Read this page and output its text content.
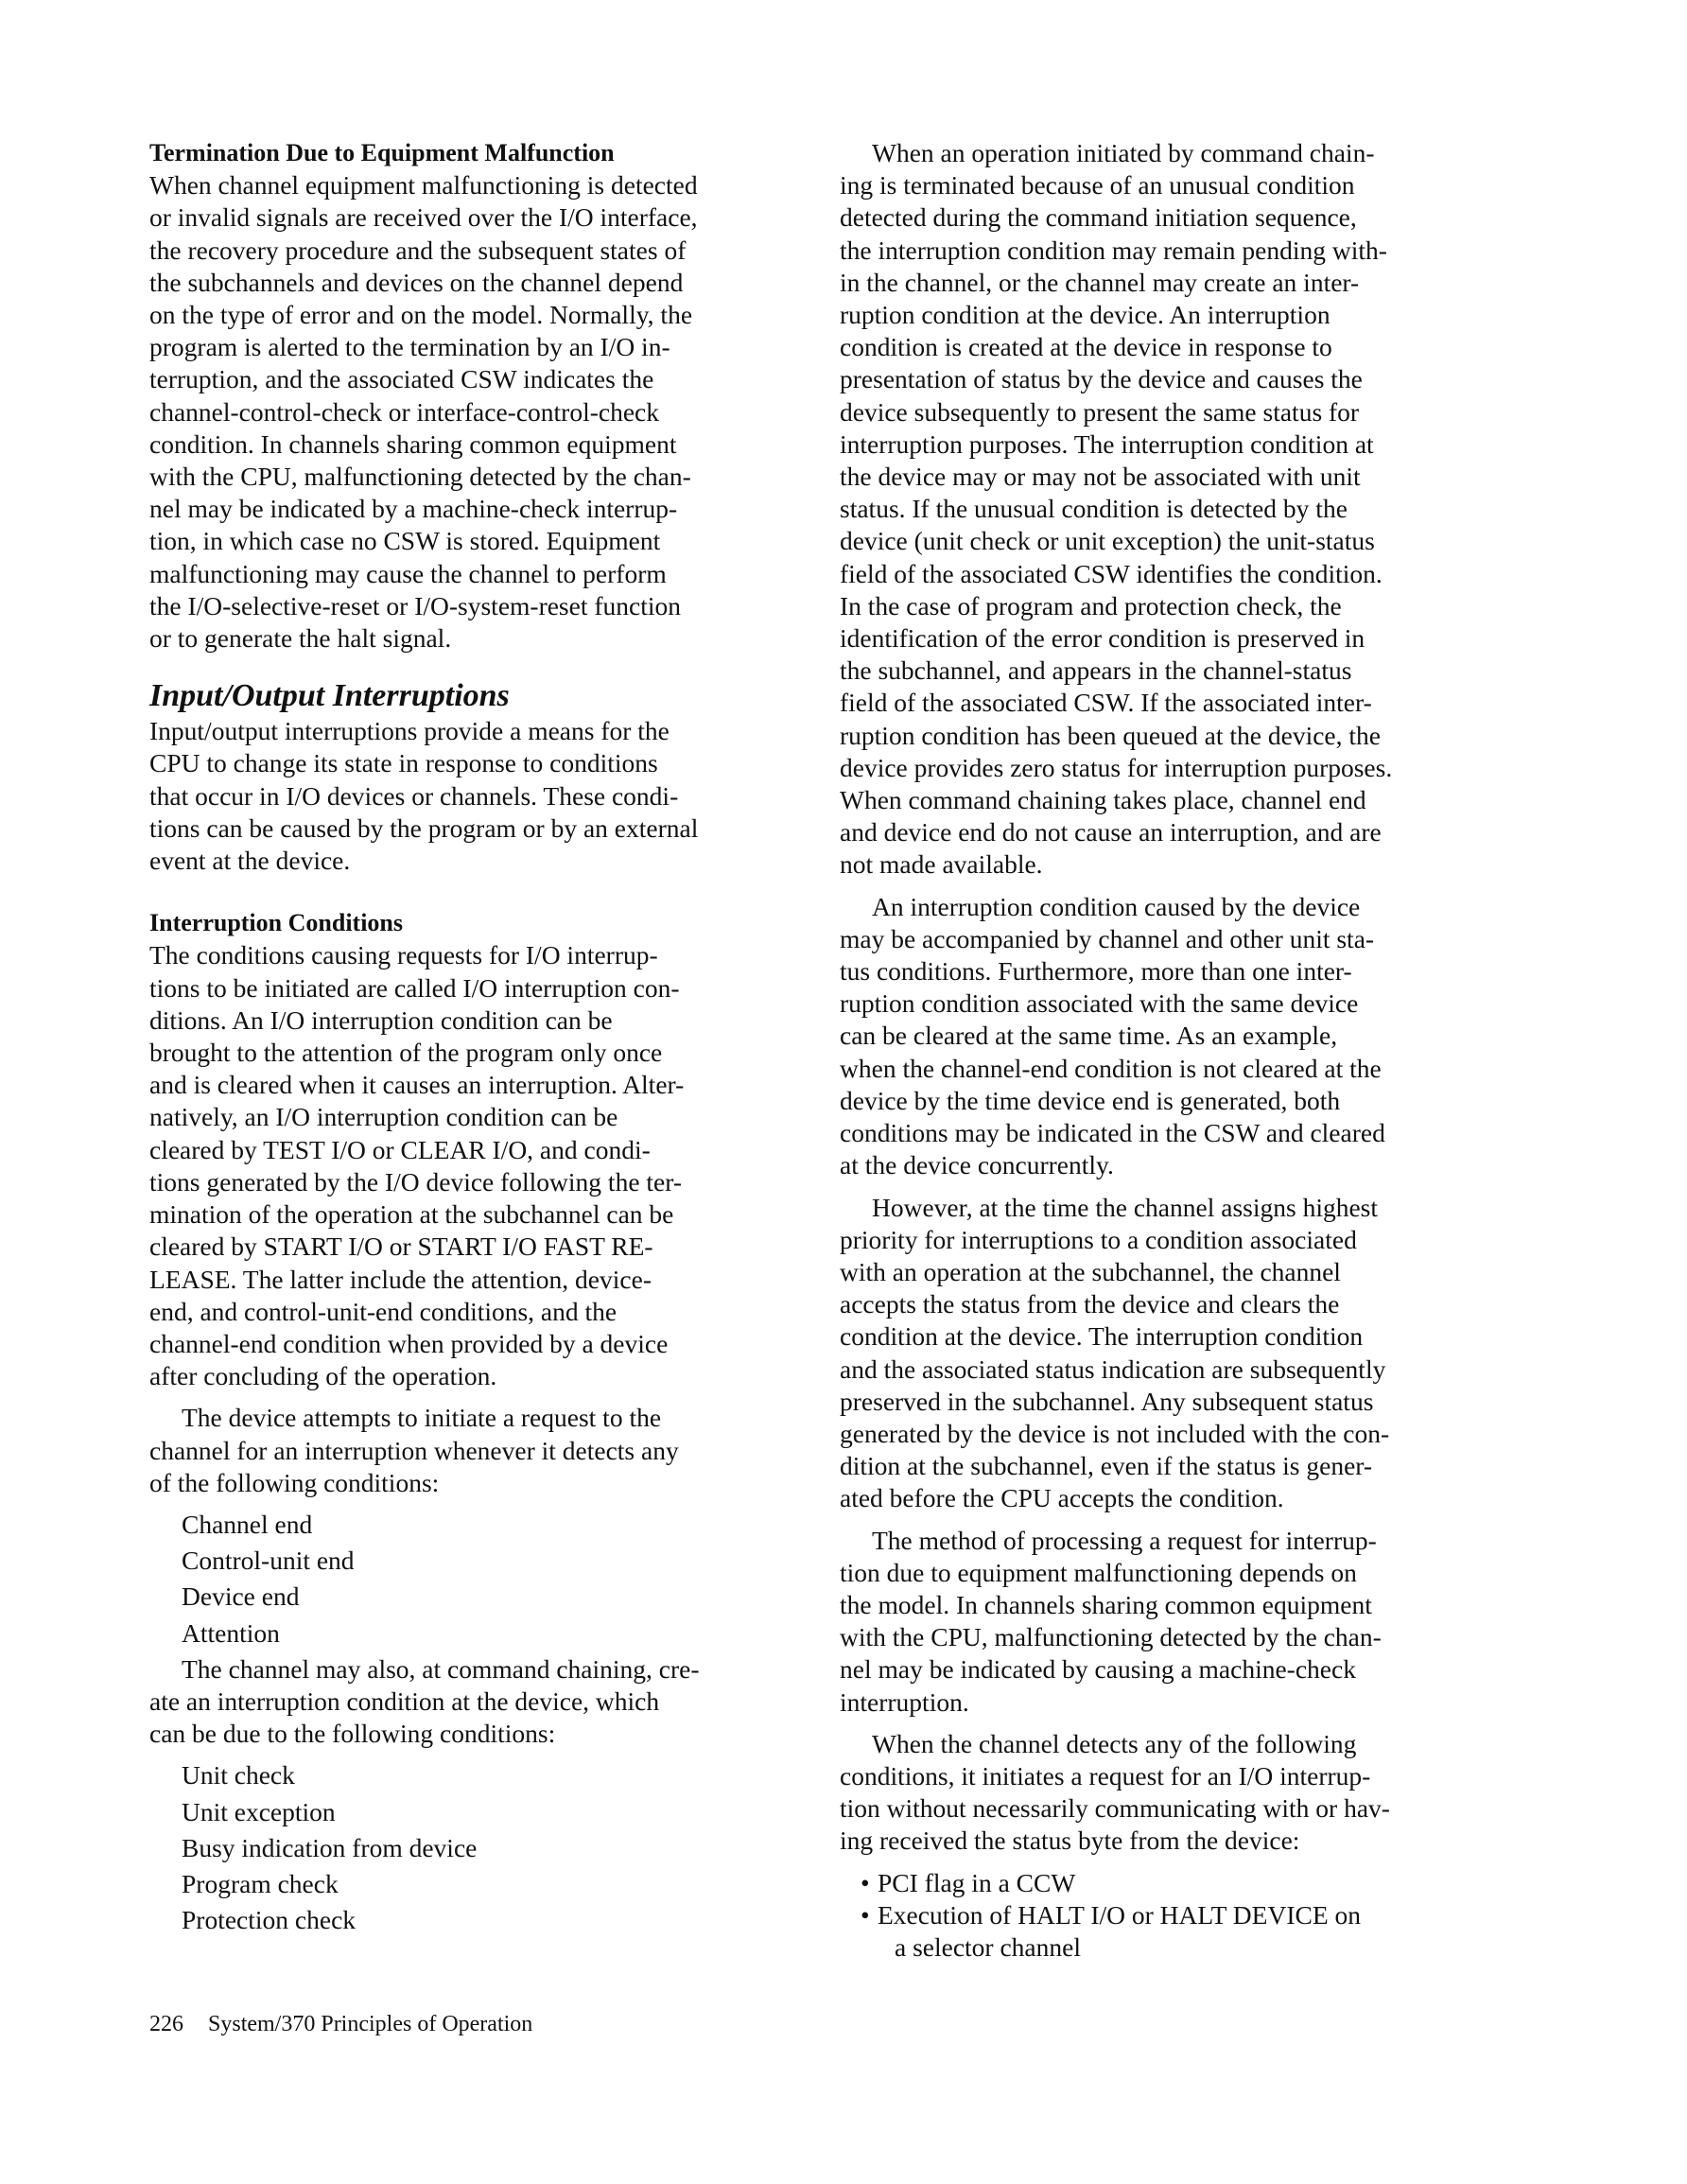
Termination Due to Equipment Malfunction
When channel equipment malfunctioning is detected
or invalid signals are received over the I/O interface,
the recovery procedure and the subsequent states of
the subchannels and devices on the channel depend
on the type of error and on the model. Normally, the
program is alerted to the termination by an I/O in-
terruption, and the associated CSW indicates the
channel-control-check or interface-control-check
condition. In channels sharing common equipment
with the CPU, malfunctioning detected by the chan-
nel may be indicated by a machine-check interrup-
tion, in which case no CSW is stored. Equipment
malfunctioning may cause the channel to perform
the I/O-selective-reset or I/O-system-reset function
or to generate the halt signal.
Input/Output Interruptions
Input/output interruptions provide a means for the
CPU to change its state in response to conditions
that occur in I/O devices or channels. These condi-
tions can be caused by the program or by an external
event at the device.
Interruption Conditions
The conditions causing requests for I/O interrup-
tions to be initiated are called I/O interruption con-
ditions. An I/O interruption condition can be
brought to the attention of the program only once
and is cleared when it causes an interruption. Alter-
natively, an I/O interruption condition can be
cleared by TEST I/O or CLEAR I/O, and condi-
tions generated by the I/O device following the ter-
mination of the operation at the subchannel can be
cleared by START I/O or START I/O FAST RE-
LEASE. The latter include the attention, device-
end, and control-unit-end conditions, and the
channel-end condition when provided by a device
after concluding of the operation.
The device attempts to initiate a request to the
channel for an interruption whenever it detects any
of the following conditions:
Channel end
Control-unit end
Device end
Attention
The channel may also, at command chaining, cre-
ate an interruption condition at the device, which
can be due to the following conditions:
Unit check
Unit exception
Busy indication from device
Program check
Protection check
When an operation initiated by command chain-
ing is terminated because of an unusual condition
detected during the command initiation sequence,
the interruption condition may remain pending with-
in the channel, or the channel may create an inter-
ruption condition at the device. An interruption
condition is created at the device in response to
presentation of status by the device and causes the
device subsequently to present the same status for
interruption purposes. The interruption condition at
the device may or may not be associated with unit
status. If the unusual condition is detected by the
device (unit check or unit exception) the unit-status
field of the associated CSW identifies the condition.
In the case of program and protection check, the
identification of the error condition is preserved in
the subchannel, and appears in the channel-status
field of the associated CSW. If the associated inter-
ruption condition has been queued at the device, the
device provides zero status for interruption purposes.
When command chaining takes place, channel end
and device end do not cause an interruption, and are
not made available.
An interruption condition caused by the device
may be accompanied by channel and other unit sta-
tus conditions. Furthermore, more than one inter-
ruption condition associated with the same device
can be cleared at the same time. As an example,
when the channel-end condition is not cleared at the
device by the time device end is generated, both
conditions may be indicated in the CSW and cleared
at the device concurrently.
However, at the time the channel assigns highest
priority for interruptions to a condition associated
with an operation at the subchannel, the channel
accepts the status from the device and clears the
condition at the device. The interruption condition
and the associated status indication are subsequently
preserved in the subchannel. Any subsequent status
generated by the device is not included with the con-
dition at the subchannel, even if the status is gener-
ated before the CPU accepts the condition.
The method of processing a request for interrup-
tion due to equipment malfunctioning depends on
the model. In channels sharing common equipment
with the CPU, malfunctioning detected by the chan-
nel may be indicated by causing a machine-check
interruption.
When the channel detects any of the following
conditions, it initiates a request for an I/O interrup-
tion without necessarily communicating with or hav-
ing received the status byte from the device:
• PCI flag in a CCW
• Execution of HALT I/O or HALT DEVICE on
a selector channel
226 System/370 Principles of Operation
